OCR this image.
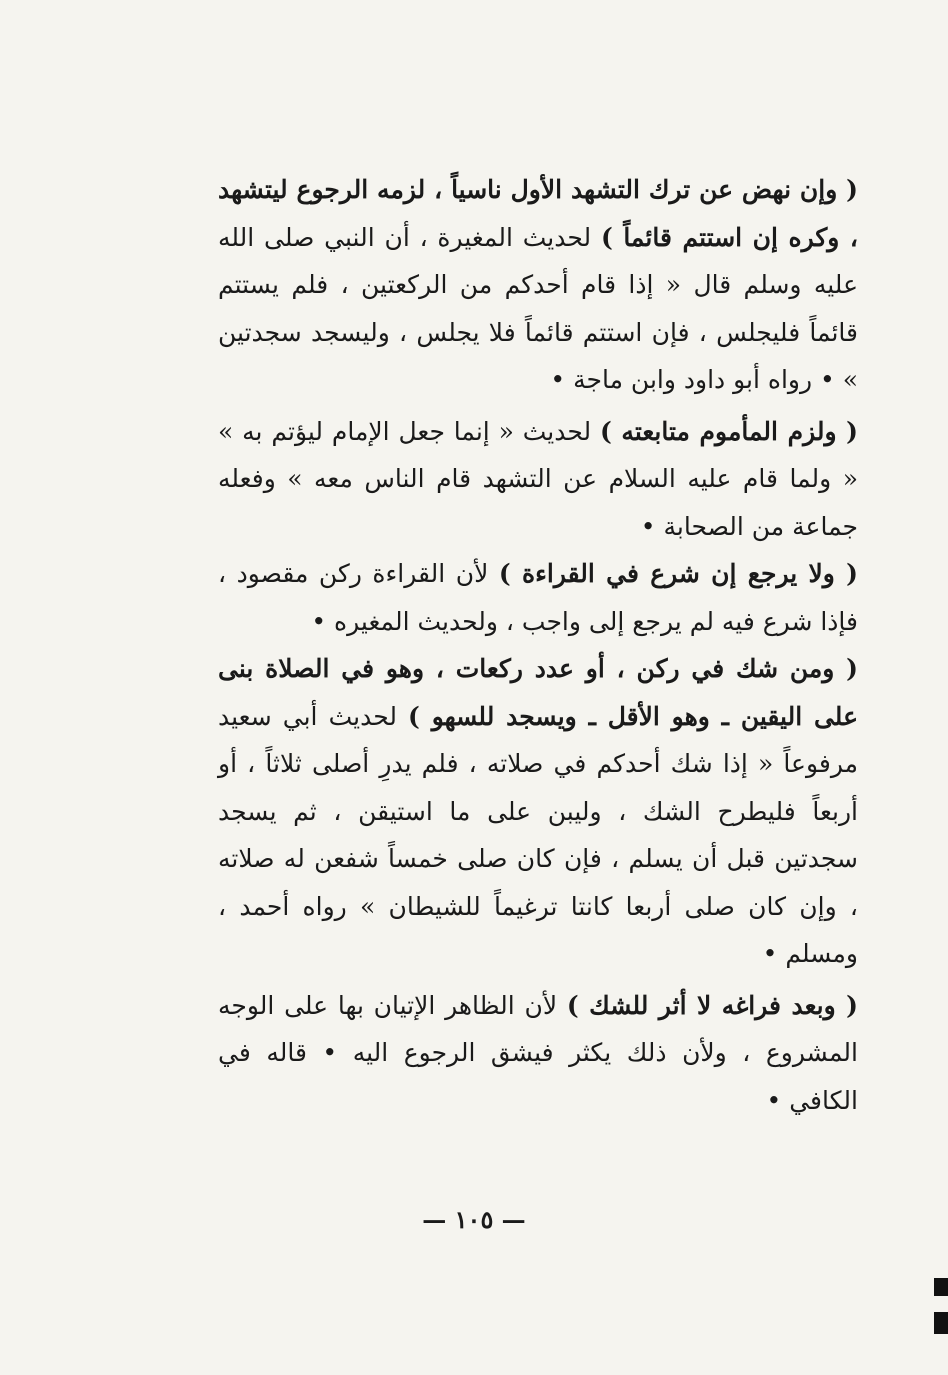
( وإن نهض عن ترك التشهد الأول ناسياً ، لزمه الرجوع ليتشهد ، وكره إن استتم قائماً ) لحديث المغيرة ، أن النبي صلى الله عليه وسلم قال « إذا قام أحدكم من الركعتين ، فلم يستتم قائماً فليجلس ، فإن استتم قائماً فلا يجلس ، وليسجد سجدتين » • رواه أبو داود وابن ماجة •

( ولزم المأموم متابعته ) لحديث « إنما جعل الإمام ليؤتم به » « ولما قام عليه السلام عن التشهد قام الناس معه » وفعله جماعة من الصحابة •

( ولا يرجع إن شرع في القراءة ) لأن القراءة ركن مقصود ، فإذا شرع فيه لم يرجع إلى واجب ، ولحديث المغيره •

( ومن شك في ركن ، أو عدد ركعات ، وهو في الصلاة بنى على اليقين ـ وهو الأقل ـ ويسجد للسهو ) لحديث أبي سعيد مرفوعاً « إذا شك أحدكم في صلاته ، فلم يدرِ أصلى ثلاثاً ، أو أربعاً فليطرح الشك ، وليبن على ما استيقن ، ثم يسجد سجدتين قبل أن يسلم ، فإن كان صلى خمساً شفعن له صلاته ، وإن كان صلى أربعا كانتا ترغيماً للشيطان » رواه أحمد ، ومسلم •

( وبعد فراغه لا أثر للشك ) لأن الظاهر الإتيان بها على الوجه المشروع ، ولأن ذلك يكثر فيشق الرجوع اليه • قاله في الكافي •

— ١٠٥ —
